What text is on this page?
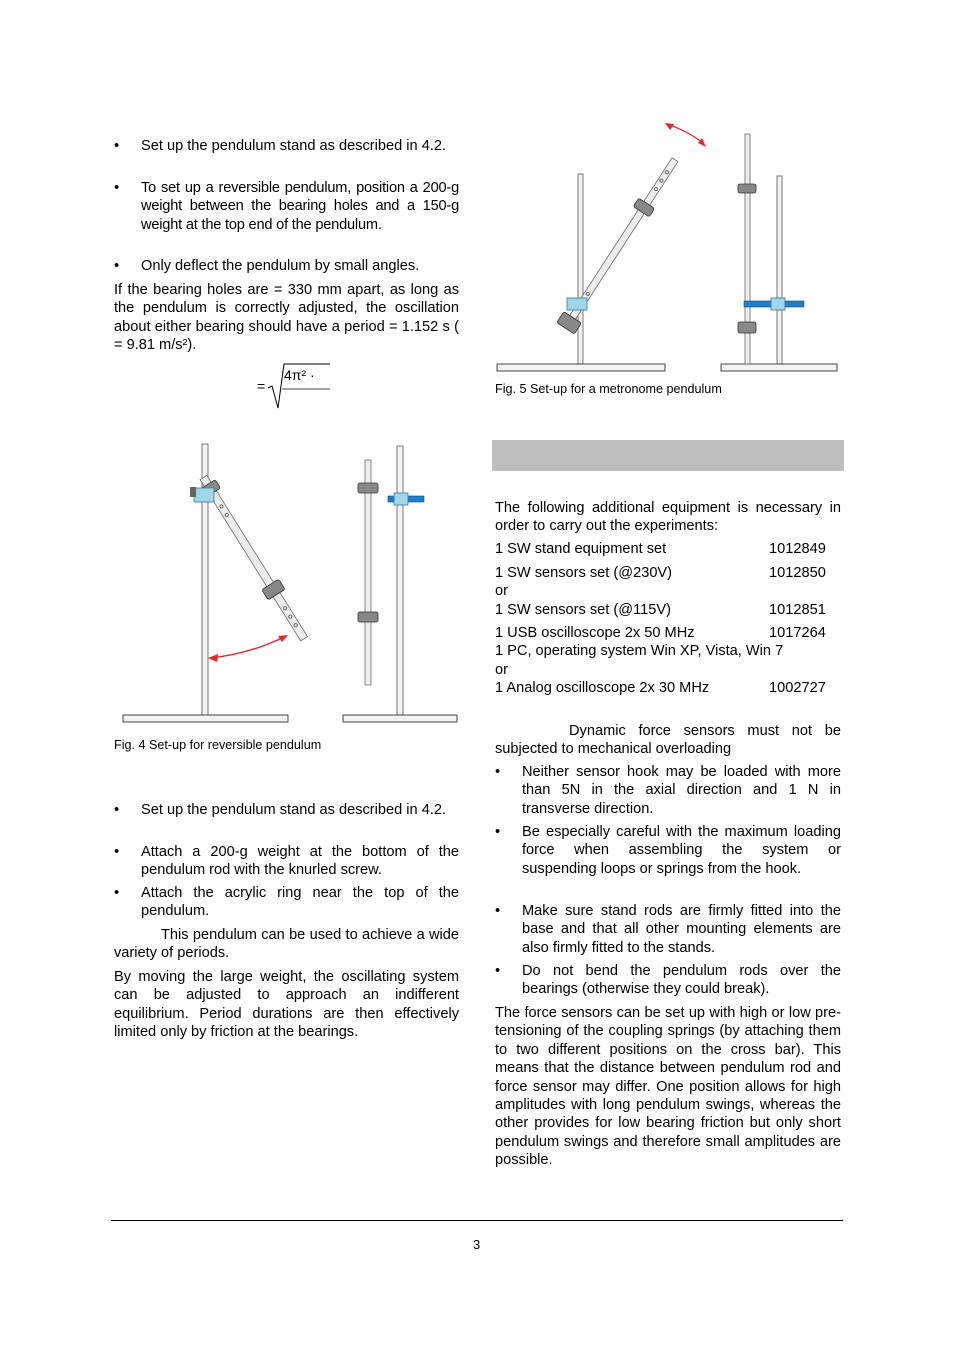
• Set up the pendulum stand as described in 4.2.
• To set up a reversible pendulum, position a 200-g weight between the bearing holes and a 150-g weight at the top end of the pendulum.
• Only deflect the pendulum by small angles.

If the bearing holes are = 330 mm apart, as long as the pendulum is correctly adjusted, the oscillation about either bearing should have a period = 1.152 s ( = 9.81 m/s²).

=
4π² ·
Fig. 4 Set-up for reversible pendulum
• Set up the pendulum stand as described in 4.2.
• Attach a 200-g weight at the bottom of the pendulum rod with the knurled screw.
• Attach the acrylic ring near the top of the pendulum.

This pendulum can be used to achieve a wide variety of periods.

By moving the large weight, the oscillating system can be adjusted to approach an indifferent equilibrium. Period durations are then effectively limited only by friction at the bearings.

Fig. 5 Set-up for a metronome pendulum

The following additional equipment is necessary in order to carry out the experiments:

1 SW stand equipment set	1012849
1 SW sensors set (@230V)	1012850
or
1 SW sensors set (@115V)	1012851
1 USB oscilloscope 2x 50 MHz	1017264
1 PC, operating system Win XP, Vista, Win 7
or
1 Analog oscilloscope 2x 30 MHz	1002727

Dynamic force sensors must not be subjected to mechanical overloading

• Neither sensor hook may be loaded with more than 5N in the axial direction and 1 N in transverse direction.
• Be especially careful with the maximum loading force when assembling the system or suspending loops or springs from the hook.
• Make sure stand rods are firmly fitted into the base and that all other mounting elements are also firmly fitted to the stands.
• Do not bend the pendulum rods over the bearings (otherwise they could break).

The force sensors can be set up with high or low pre-tensioning of the coupling springs (by attaching them to two different positions on the cross bar). This means that the distance between pendulum rod and force sensor may differ. One position allows for high amplitudes with long pendulum swings, whereas the other provides for low bearing friction but only short pendulum swings and therefore small amplitudes are possible.

3
